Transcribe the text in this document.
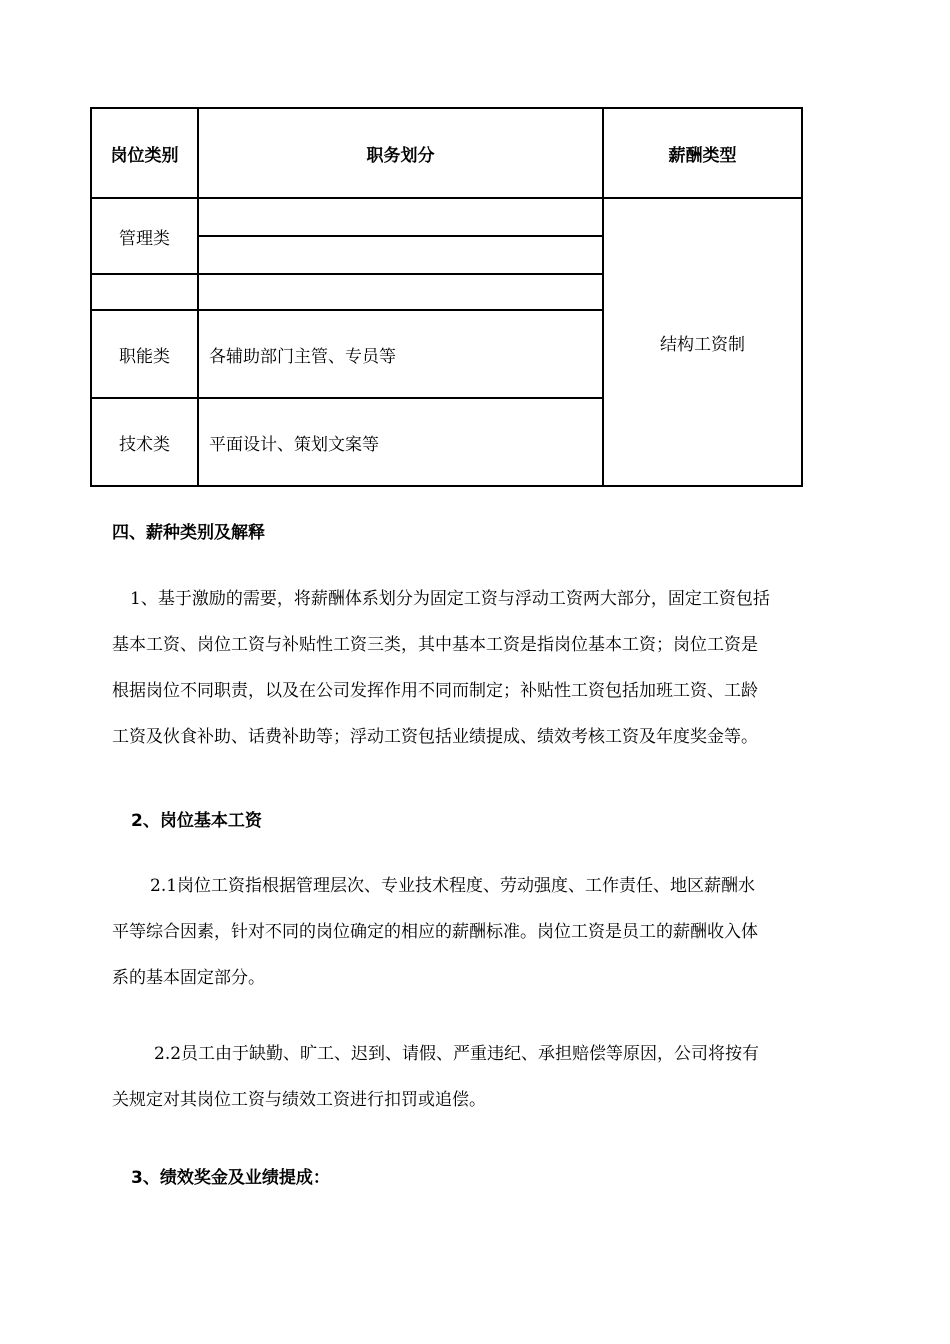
岗位类别	职务划分	薪酬类型
管理类		结构工资制

职能类	各辅助部门主管、专员等	
技术类	平面设计、策划文案等	
四、薪种类别及解释
1、基于激励的需要，将薪酬体系划分为固定工资与浮动工资两大部分，固定工资包括
基本工资、岗位工资与补贴性工资三类，其中基本工资是指岗位基本工资；岗位工资是
根据岗位不同职责，以及在公司发挥作用不同而制定；补贴性工资包括加班工资、工龄
工资及伙食补助、话费补助等；浮动工资包括业绩提成、绩效考核工资及年度奖金等。
2、岗位基本工资
2.1岗位工资指根据管理层次、专业技术程度、劳动强度、工作责任、地区薪酬水
平等综合因素，针对不同的岗位确定的相应的薪酬标准。岗位工资是员工的薪酬收入体
系的基本固定部分。
2.2员工由于缺勤、旷工、迟到、请假、严重违纪、承担赔偿等原因，公司将按有
关规定对其岗位工资与绩效工资进行扣罚或追偿。
3、绩效奖金及业绩提成：
